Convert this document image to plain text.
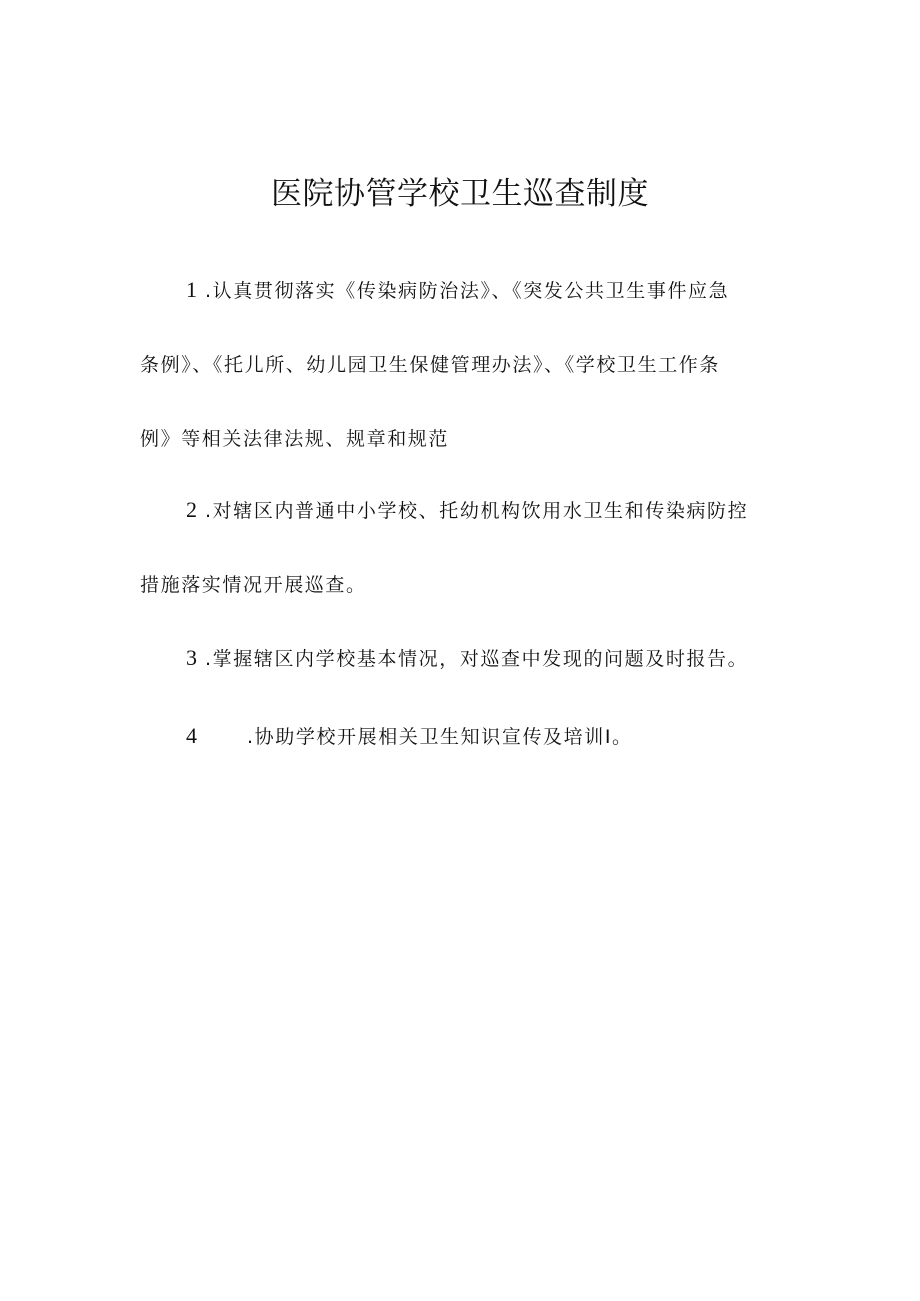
医院协管学校卫生巡查制度
1 .认真贯彻落实《传染病防治法》、《突发公共卫生事件应急
条例》、《托儿所、幼儿园卫生保健管理办法》、《学校卫生工作条
例》等相关法律法规、规章和规范
2 .对辖区内普通中小学校、托幼机构饮用水卫生和传染病防控
措施落实情况开展巡查。
3 .掌握辖区内学校基本情况，对巡查中发现的问题及时报告。
4	.协助学校开展相关卫生知识宣传及培训I。
